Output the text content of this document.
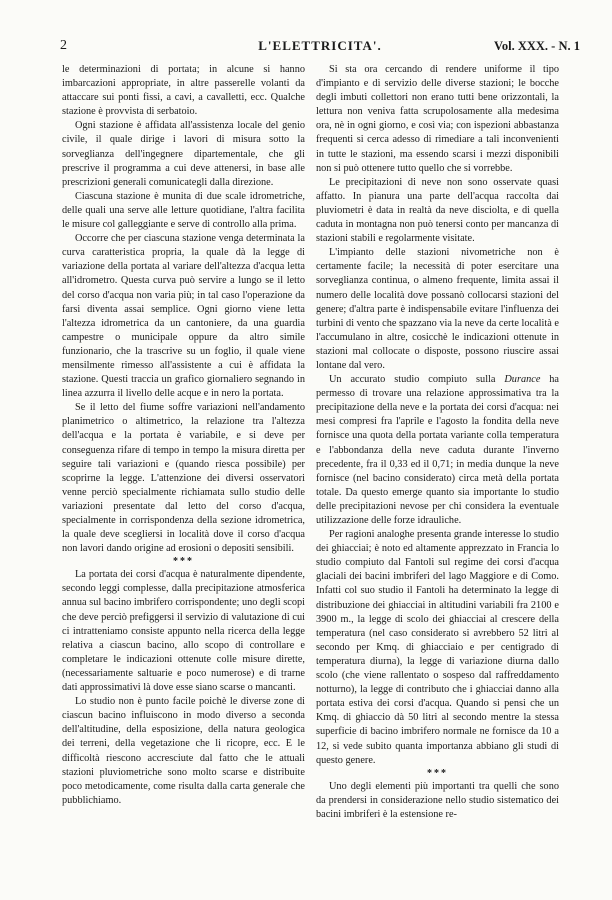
2	L'ELETTRICITA'.	Vol. XXX. - N. 1

le determinazioni di portata; in alcune si hanno imbarcazioni appropriate, in altre passerelle volanti da attaccare sui ponti fissi, a cavi, a cavalletti, ecc. Qualche stazione è provvista di serbatoio.

Ogni stazione è affidata all'assistenza locale del genio civile, il quale dirige i lavori di misura sotto la sorveglianza dell'ingegnere dipartementale, che gli prescrive il programma a cui deve attenersi, in base alle prescrizioni generali comunicategli dalla direzione.

Ciascuna stazione è munita di due scale idrometriche, delle quali una serve alle letture quotidiane, l'altra facilita le misure col galleggiante e serve di controllo alla prima.

Occorre che per ciascuna stazione venga determinata la curva caratteristica propria, la quale dà la legge di variazione della portata al variare dell'altezza d'acqua letta all'idrometro. Questa curva può servire a lungo se il letto del corso d'acqua non varia più; in tal caso l'operazione da farsi diventa assai semplice. Ogni giorno viene letta l'altezza idrometrica da un cantoniere, da una guardia campestre o municipale oppure da altro simile funzionario, che la trascrive su un foglio, il quale viene mensilmente rimesso all'assistente a cui è affidata la stazione. Questi traccia un grafico giornaliero segnando in linea azzurra il livello delle acque e in nero la portata.

Se il letto del fiume soffre variazioni nell'andamento planimetrico o altimetrico, la relazione tra l'altezza dell'acqua e la portata è variabile, e si deve per conseguenza rifare di tempo in tempo la misura diretta per seguire tali variazioni e (quando riesca possibile) per scoprirne la legge. L'attenzione dei diversi osservatori venne perciò specialmente richiamata sullo studio delle variazioni presentate dal letto del corso d'acqua, specialmente in corrispondenza della sezione idrometrica, la quale deve scegliersi in località dove il corso d'acqua non lavori dando origine ad erosioni o depositi sensibili.

***

La portata dei corsi d'acqua è naturalmente dipendente, secondo leggi complesse, dalla precipitazione atmosferica annua sul bacino imbrifero corrispondente; uno degli scopi che deve perciò prefiggersi il servizio di valutazione di cui ci intratteniamo consiste appunto nella ricerca della legge relativa a ciascun bacino, allo scopo di controllare e completare le indicazioni ottenute colle misure dirette, (necessariamente saltuarie e poco numerose) e di trarne dati approssimativi là dove esse siano scarse o mancanti.

Lo studio non è punto facile poichè le diverse zone di ciascun bacino influiscono in modo diverso a seconda dell'altitudine, della esposizione, della natura geologica dei terreni, della vegetazione che li ricopre, ecc. E le difficoltà riescono accresciute dal fatto che le attuali stazioni pluviometriche sono molto scarse e distribuite poco metodicamente, come risulta dalla carta generale che pubblichiamo.

Si sta ora cercando di rendere uniforme il tipo d'impianto e di servizio delle diverse stazioni; le bocche degli imbuti collettori non erano tutti bene orizzontali, la lettura non veniva fatta scrupolosamente alla medesima ora, nè in ogni giorno, e così via; con ispezioni abbastanza frequenti si cerca adesso di rimediare a tali inconvenienti in tutte le stazioni, ma essendo scarsi i mezzi disponibili non si può ottenere tutto quello che si vorrebbe.

Le precipitazioni di neve non sono osservate quasi affatto. In pianura una parte dell'acqua raccolta dai pluviometri è data in realtà da neve disciolta, e di quella caduta in montagna non può tenersi conto per mancanza di stazioni stabili e regolarmente visitate.

L'impianto delle stazioni nivometriche non è certamente facile; la necessità di poter esercitare una sorveglianza continua, o almeno frequente, limita assai il numero delle località dove possanò collocarsi stazioni del genere; d'altra parte è indispensabile evitare l'influenza dei turbini di vento che spazzano via la neve da certe località e l'accumulano in altre, cosicchè le indicazioni ottenute in stazioni mal collocate o disposte, possono riuscire assai lontane dal vero.

Un accurato studio compiuto sulla Durance ha permesso di trovare una relazione approssimativa tra la precipitazione della neve e la portata dei corsi d'acqua: nei mesi compresi fra l'aprile e l'agosto la fondita della neve fornisce una quota della portata variante colla temperatura e l'abbondanza della neve caduta durante l'inverno precedente, fra il 0,33 ed il 0,71; in media dunque la neve fornisce (nel bacino considerato) circa metà della portata totale. Da questo emerge quanto sia importante lo studio delle precipitazioni nevose per chi considera la eventuale utilizzazione delle forze idrauliche.

Per ragioni analoghe presenta grande interesse lo studio dei ghiacciai; è noto ed altamente apprezzato in Francia lo studio compiuto dal Fantoli sul regime dei corsi d'acqua glaciali dei bacini imbriferi del lago Maggiore e di Como. Infatti col suo studio il Fantoli ha determinato la legge di distribuzione dei ghiacciai in altitudini variabili fra 2100 e 3900 m., la legge di scolo dei ghiacciai al crescere della temperatura (nel caso considerato si avrebbero 52 litri al secondo per Kmq. di ghiacciaio e per centigrado di temperatura diurna), la legge di variazione diurna dallo scolo (che viene rallentato o sospeso dal raffreddamento notturno), la legge di contributo che i ghiacciai danno alla portata estiva dei corsi d'acqua. Quando si pensi che un Kmq. di ghiaccio dà 50 litri al secondo mentre la stessa superficie di bacino imbrifero normale ne fornisce da 10 a 12, si vede subito quanta importanza abbiano gli studi di questo genere.

***

Uno degli elementi più importanti tra quelli che sono da prendersi in considerazione nello studio sistematico dei bacini imbriferi è la estensione re-
